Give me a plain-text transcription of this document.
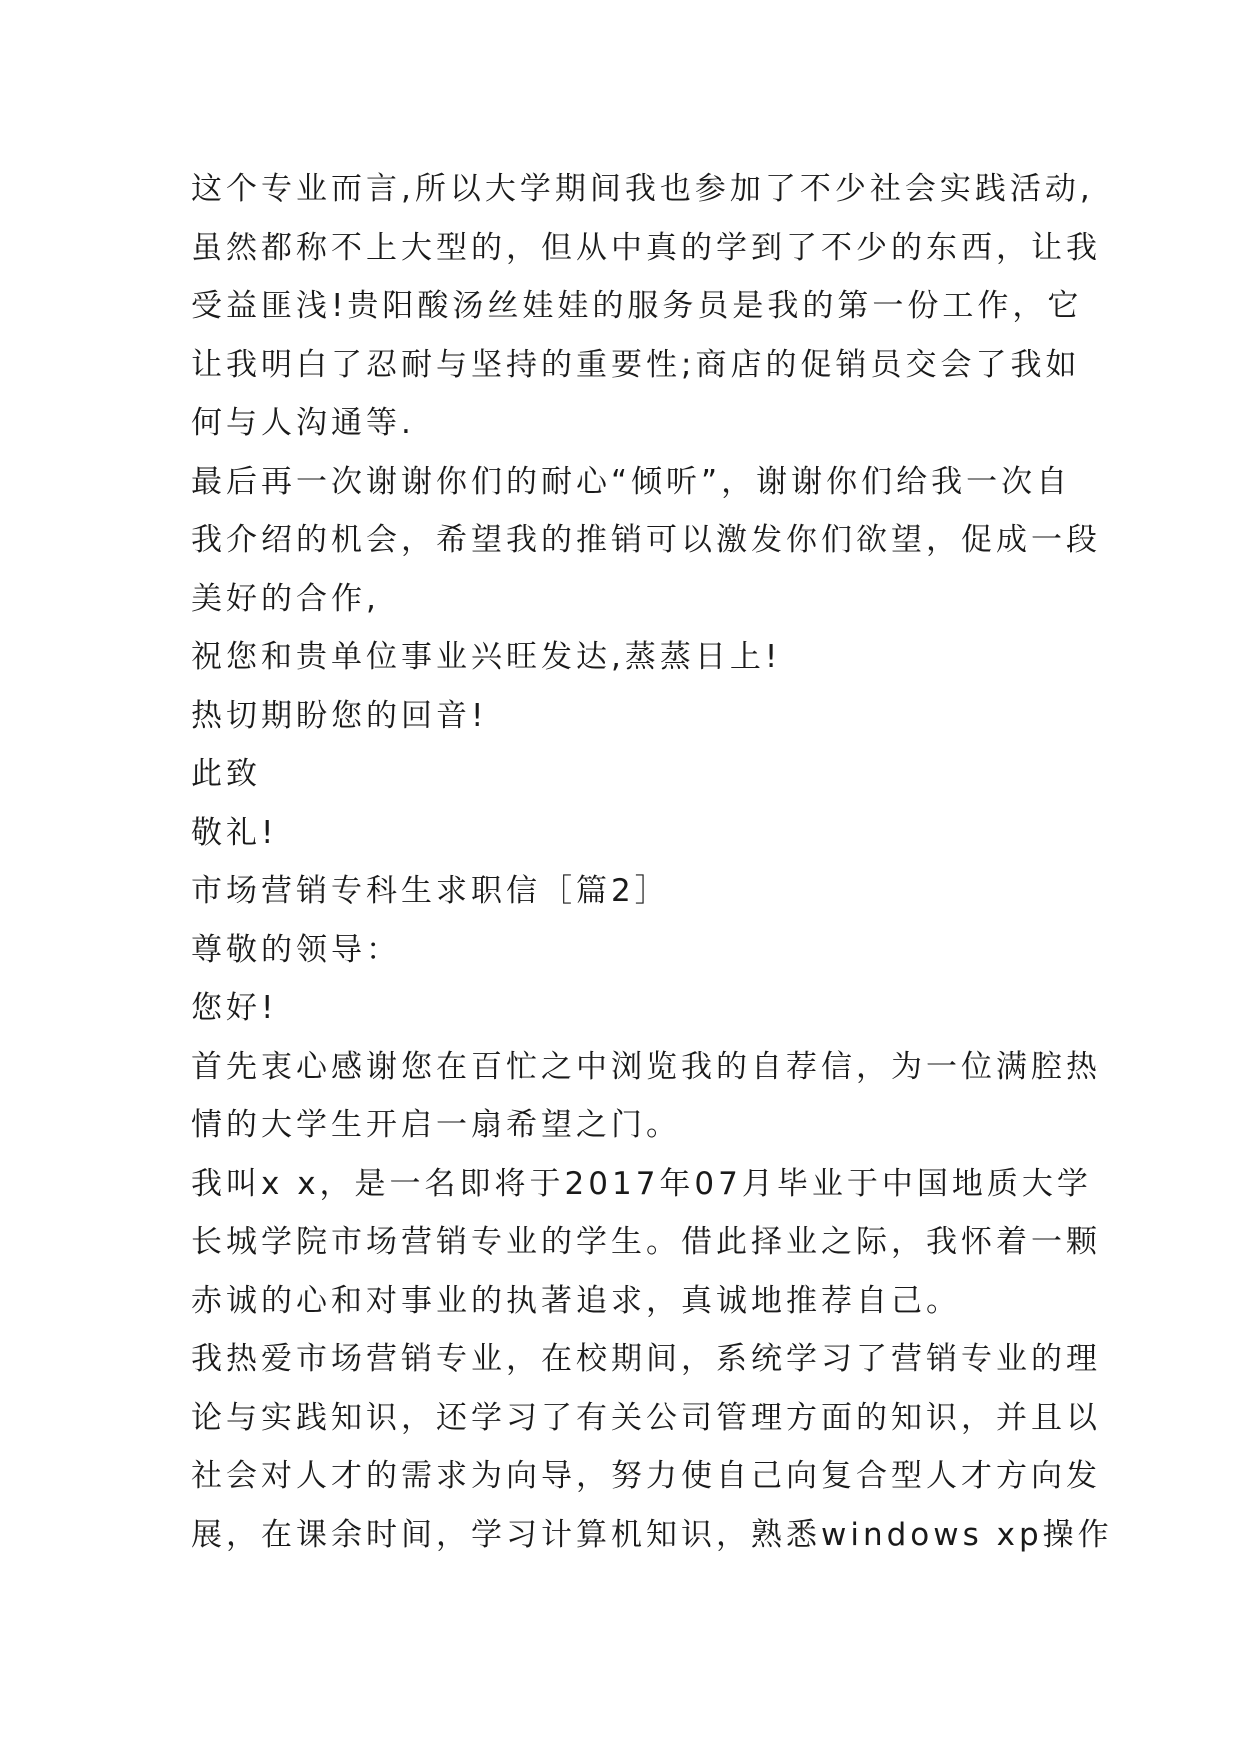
这个专业而言,所以大学期间我也参加了不少社会实践活动,
虽然都称不上大型的，但从中真的学到了不少的东西，让我
受益匪浅!贵阳酸汤丝娃娃的服务员是我的第一份工作，它
让我明白了忍耐与坚持的重要性;商店的促销员交会了我如
何与人沟通等.
最后再一次谢谢你们的耐心“倾听”，谢谢你们给我一次自
我介绍的机会，希望我的推销可以激发你们欲望，促成一段
美好的合作,
祝您和贵单位事业兴旺发达,蒸蒸日上!
热切期盼您的回音!
此致
敬礼!
市场营销专科生求职信［篇2］
尊敬的领导：
您好!
首先衷心感谢您在百忙之中浏览我的自荐信，为一位满腔热
情的大学生开启一扇希望之门。
我叫x x，是一名即将于2017年07月毕业于中国地质大学
长城学院市场营销专业的学生。借此择业之际，我怀着一颗
赤诚的心和对事业的执著追求，真诚地推荐自己。
我热爱市场营销专业，在校期间，系统学习了营销专业的理
论与实践知识，还学习了有关公司管理方面的知识，并且以
社会对人才的需求为向导，努力使自己向复合型人才方向发
展，在课余时间，学习计算机知识，熟悉windows xp操作
